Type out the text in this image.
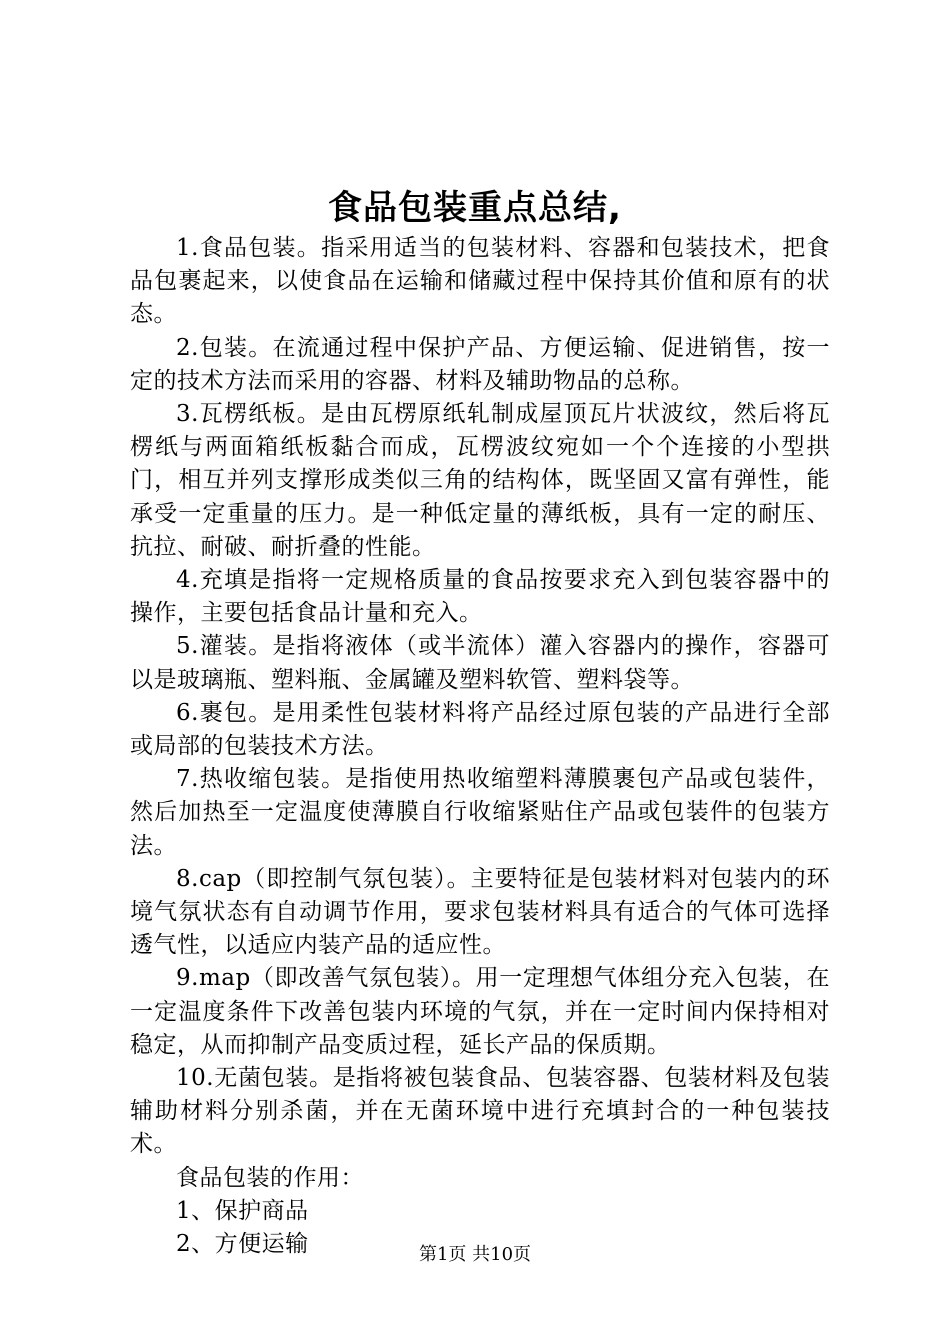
食品包装重点总结,

1.食品包装。指采用适当的包装材料、容器和包装技术，把食品包裹起来，以使食品在运输和储藏过程中保持其价值和原有的状态。

2.包装。在流通过程中保护产品、方便运输、促进销售，按一定的技术方法而采用的容器、材料及辅助物品的总称。

3.瓦楞纸板。是由瓦楞原纸轧制成屋顶瓦片状波纹，然后将瓦楞纸与两面箱纸板黏合而成，瓦楞波纹宛如一个个连接的小型拱门，相互并列支撑形成类似三角的结构体，既坚固又富有弹性，能承受一定重量的压力。是一种低定量的薄纸板，具有一定的耐压、抗拉、耐破、耐折叠的性能。

4.充填是指将一定规格质量的食品按要求充入到包装容器中的操作，主要包括食品计量和充入。

5.灌装。是指将液体（或半流体）灌入容器内的操作，容器可以是玻璃瓶、塑料瓶、金属罐及塑料软管、塑料袋等。

6.裹包。是用柔性包装材料将产品经过原包装的产品进行全部或局部的包装技术方法。

7.热收缩包装。是指使用热收缩塑料薄膜裹包产品或包装件，然后加热至一定温度使薄膜自行收缩紧贴住产品或包装件的包装方法。

8.cap（即控制气氛包装）。主要特征是包装材料对包装内的环境气氛状态有自动调节作用，要求包装材料具有适合的气体可选择透气性，以适应内装产品的适应性。

9.map（即改善气氛包装）。用一定理想气体组分充入包装，在一定温度条件下改善包装内环境的气氛，并在一定时间内保持相对稳定，从而抑制产品变质过程，延长产品的保质期。

10.无菌包装。是指将被包装食品、包装容器、包装材料及包装辅助材料分别杀菌，并在无菌环境中进行充填封合的一种包装技术。

食品包装的作用：

1、保护商品

2、方便运输	第1页 共10页
